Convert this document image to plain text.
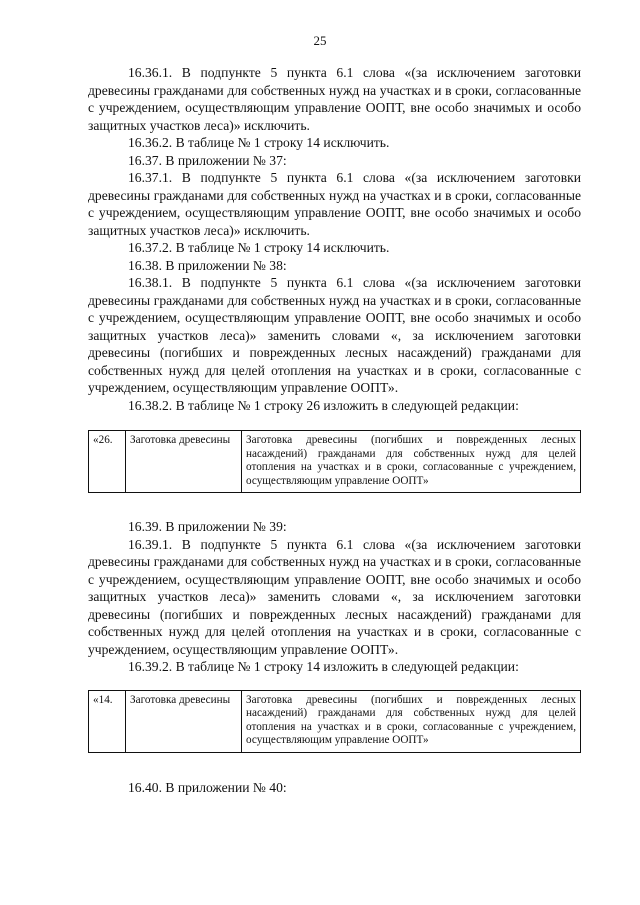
25

16.36.1. В подпункте 5 пункта 6.1 слова «(за исключением заготовки древесины гражданами для собственных нужд на участках и в сроки, согласованные с учреждением, осуществляющим управление ООПТ, вне особо значимых и особо защитных участков леса)» исключить.

16.36.2. В таблице № 1 строку 14 исключить.

16.37. В приложении № 37:

16.37.1. В подпункте 5 пункта 6.1 слова «(за исключением заготовки древесины гражданами для собственных нужд на участках и в сроки, согласованные с учреждением, осуществляющим управление ООПТ, вне особо значимых и особо защитных участков леса)» исключить.

16.37.2. В таблице № 1 строку 14 исключить.

16.38. В приложении № 38:

16.38.1. В подпункте 5 пункта 6.1 слова «(за исключением заготовки древесины гражданами для собственных нужд на участках и в сроки, согласованные с учреждением, осуществляющим управление ООПТ, вне особо значимых и особо защитных участков леса)» заменить словами «, за исключением заготовки древесины (погибших и поврежденных лесных насаждений) гражданами для собственных нужд для целей отопления на участках и в сроки, согласованные с учреждением, осуществляющим управление ООПТ».

16.38.2. В таблице № 1 строку 26 изложить в следующей редакции:

«26.	Заготовка древесины	Заготовка древесины (погибших и поврежденных лесных насаждений) гражданами для собственных нужд для целей отопления на участках и в сроки, согласованные с учреждением, осуществляющим управление ООПТ»

16.39. В приложении № 39:

16.39.1. В подпункте 5 пункта 6.1 слова «(за исключением заготовки древесины гражданами для собственных нужд на участках и в сроки, согласованные с учреждением, осуществляющим управление ООПТ, вне особо значимых и особо защитных участков леса)» заменить словами «, за исключением заготовки древесины (погибших и поврежденных лесных насаждений) гражданами для собственных нужд для целей отопления на участках и в сроки, согласованные с учреждением, осуществляющим управление ООПТ».

16.39.2. В таблице № 1 строку 14 изложить в следующей редакции:

«14.	Заготовка древесины	Заготовка древесины (погибших и поврежденных лесных насаждений) гражданами для собственных нужд для целей отопления на участках и в сроки, согласованные с учреждением, осуществляющим управление ООПТ»

16.40. В приложении № 40:
